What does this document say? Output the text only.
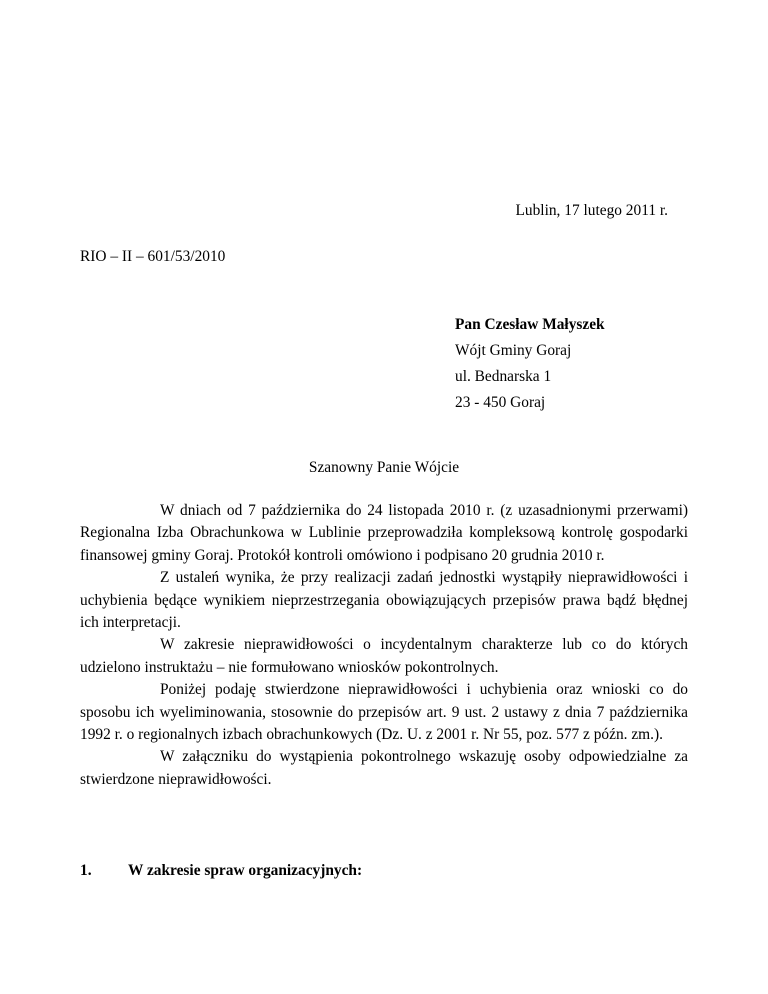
Lublin, 17 lutego 2011 r.
RIO – II – 601/53/2010
Pan Czesław Małyszek
Wójt Gminy Goraj
ul. Bednarska 1
23 - 450 Goraj
Szanowny Panie Wójcie

W dniach od 7 października do 24 listopada 2010 r. (z uzasadnionymi przerwami) Regionalna Izba Obrachunkowa w Lublinie przeprowadziła kompleksową kontrolę gospodarki finansowej gminy Goraj. Protokół kontroli omówiono i podpisano 20 grudnia 2010 r.

Z ustaleń wynika, że przy realizacji zadań jednostki wystąpiły nieprawidłowości i uchybienia będące wynikiem nieprzestrzegania obowiązujących przepisów prawa bądź błędnej ich interpretacji.

W zakresie nieprawidłowości o incydentalnym charakterze lub co do których udzielono instruktażu – nie formułowano wniosków pokontrolnych.

Poniżej podaję stwierdzone nieprawidłowości i uchybienia oraz wnioski co do sposobu ich wyeliminowania, stosownie do przepisów art. 9 ust. 2 ustawy z dnia 7 października 1992 r. o regionalnych izbach obrachunkowych (Dz. U. z 2001 r. Nr 55, poz. 577 z późn. zm.).

W załączniku do wystąpienia pokontrolnego wskazuję osoby odpowiedzialne za stwierdzone nieprawidłowości.

1. W zakresie spraw organizacyjnych:
